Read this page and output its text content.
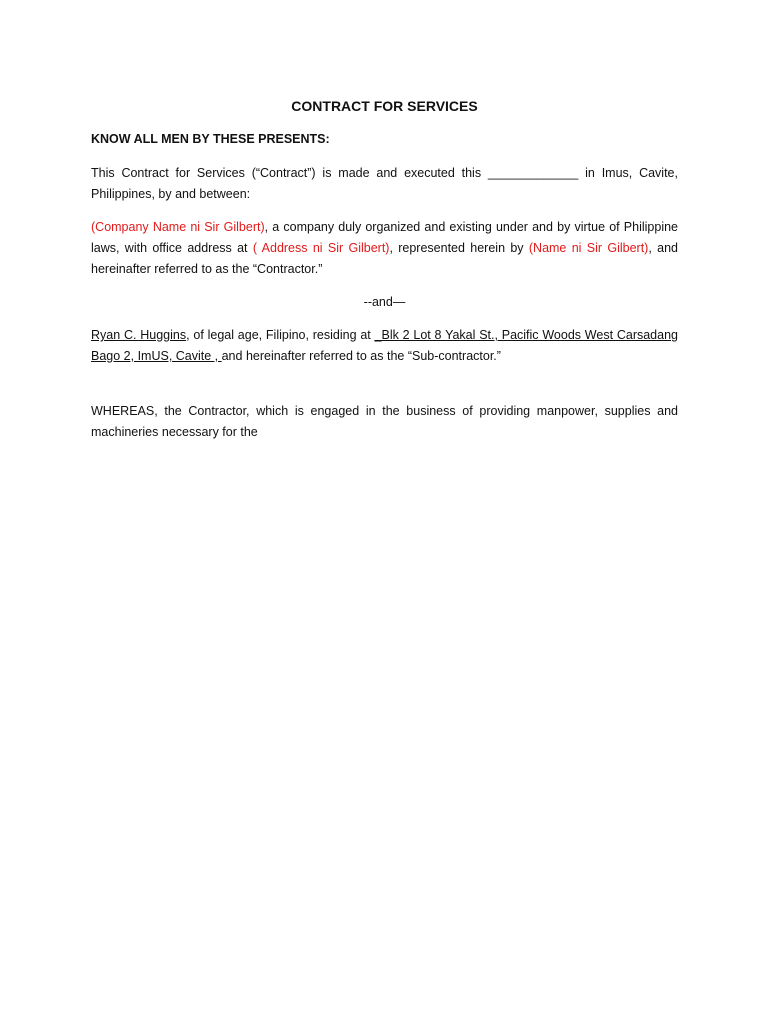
CONTRACT FOR SERVICES
KNOW ALL MEN BY THESE PRESENTS:

This Contract for Services (“Contract”) is made and executed this _____________ in Imus, Cavite, Philippines, by and between:

(Company Name ni Sir Gilbert), a company duly organized and existing under and by virtue of Philippine laws, with office address at ( Address ni Sir Gilbert), represented herein by (Name ni Sir Gilbert), and hereinafter referred to as the “Contractor.”

--and—

Ryan C. Huggins, of legal age, Filipino, residing at _Blk 2 Lot 8 Yakal St., Pacific Woods West Carsadang Bago 2, ImUS, Cavite , and hereinafter referred to as the “Sub-contractor.”

WHEREAS, the Contractor, which is engaged in the business of providing manpower, supplies and machineries necessary for the
